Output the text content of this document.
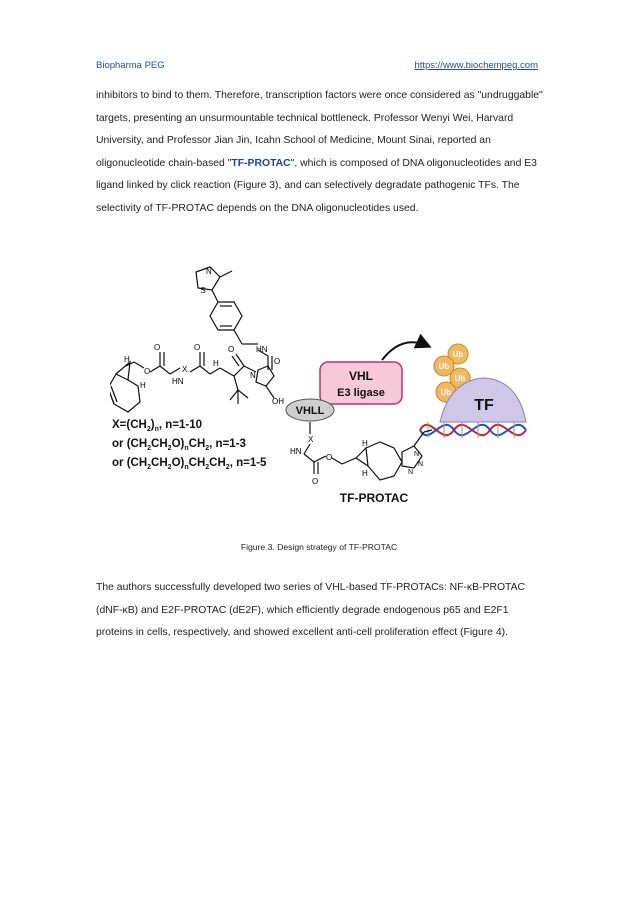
Biopharma PEG	https://www.biochempeg.com

inhibitors to bind to them. Therefore, transcription factors were once considered as "undruggable" targets, presenting an unsurmountable technical bottleneck. Professor Wenyi Wei, Harvard University, and Professor Jian Jin, Icahn School of Medicine, Mount Sinai, reported an oligonucleotide chain-based "TF-PROTAC", which is composed of DNA oligonucleotides and E3 ligand linked by click reaction (Figure 3), and can selectively degradate pathogenic TFs. The selectivity of TF-PROTAC depends on the DNA oligonucleotides used.

S
N
HN
O
N
OH
O
H
O
X
O
O
HN
H
H
$X=(CH_2)_n$, n=1-10
or $(CH_2CH_2O)_nCH_2$, n=1-3
or $(CH_2CH_2O)_nCH_2CH_2$, n=1-5
VHL
E3 ligase
VHLL
Ub
Ub
Ub
Ub
TF
X
HN
O
O
H
H
N
N
N
TF-PROTAC
Figure 3. Design strategy of TF-PROTAC

The authors successfully developed two series of VHL-based TF-PROTACs: NF-κB-PROTAC (dNF-κB) and E2F-PROTAC (dE2F), which efficiently degrade endogenous p65 and E2F1 proteins in cells, respectively, and showed excellent anti-cell proliferation effect (Figure 4).
